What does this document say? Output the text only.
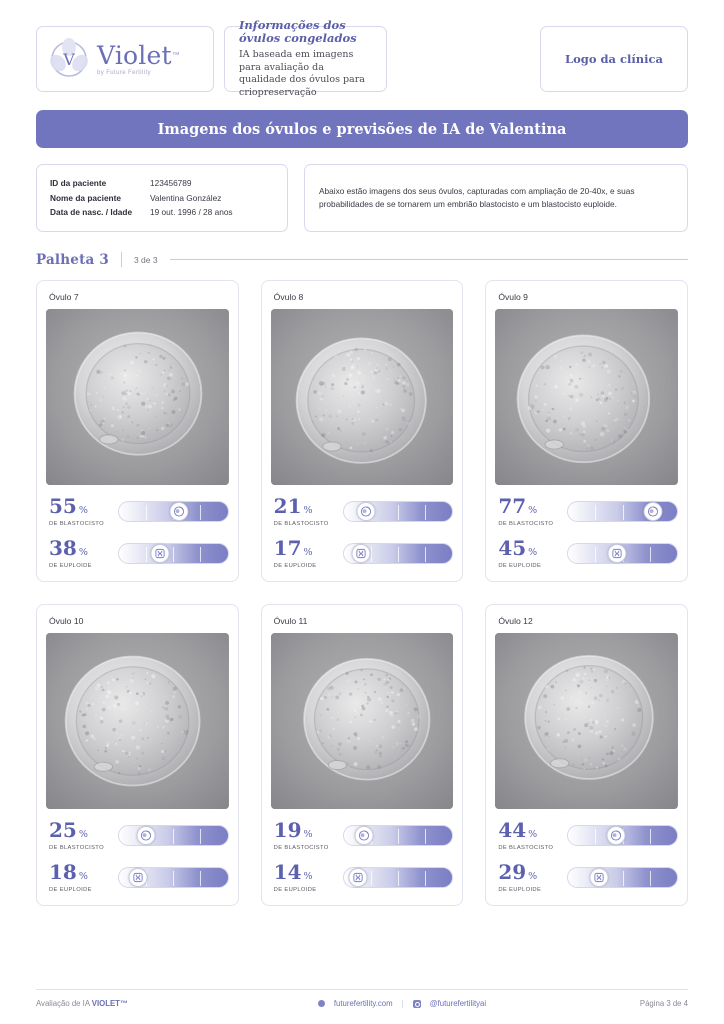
V Violet™
by Future Fertility
Informações dos óvulos congelados
IA baseada em imagens para avaliação da qualidade dos óvulos para criopreservação
Logo da clínica
Imagens dos óvulos e previsões de IA de Valentina
ID da paciente	123456789
Nome da paciente	Valentina González
Data de nasc. / Idade	19 out. 1996 / 28 anos
Abaixo estão imagens dos seus óvulos, capturadas com ampliação de 20-40x, e suas probabilidades de se tornarem um embrião blastocisto e um blastocisto euploide.
Palheta 3	3 de 3
Óvulo 7
55 %
DE BLASTOCISTO
38 %
DE EUPLOIDE
Óvulo 8
21 %
DE BLASTOCISTO
17 %
DE EUPLOIDE
Óvulo 9
77 %
DE BLASTOCISTO
45 %
DE EUPLOIDE
Óvulo 10
25 %
DE BLASTOCISTO
18 %
DE EUPLOIDE
Óvulo 11
19 %
DE BLASTOCISTO
14 %
DE EUPLOIDE
Óvulo 12
44 %
DE BLASTOCISTO
29 %
DE EUPLOIDE
Avaliação de IA VIOLET™	futurefertility.com |	@futurefertilityai	Página 3 de 4
